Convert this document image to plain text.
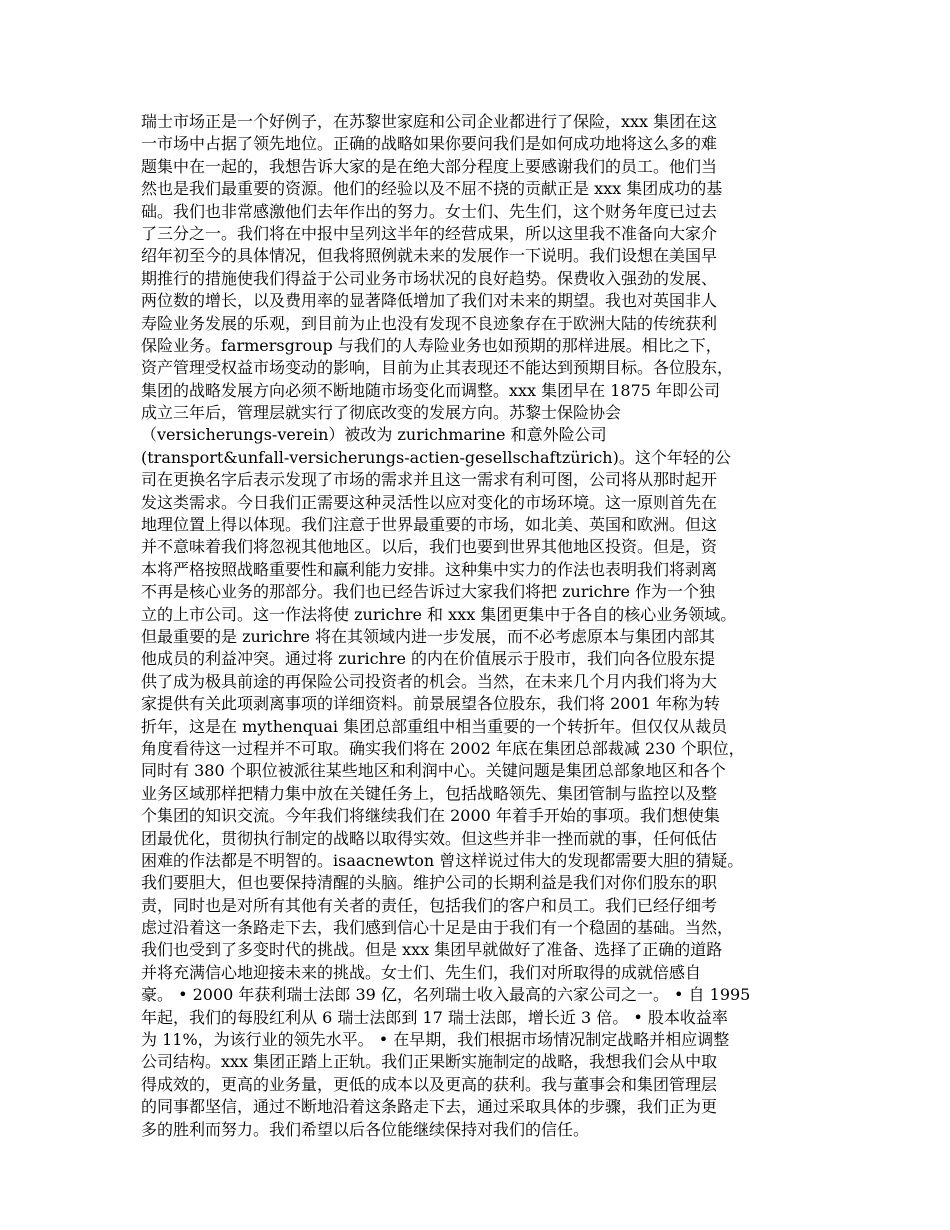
瑞士市场正是一个好例子，在苏黎世家庭和公司企业都进行了保险，xxx 集团在这
一市场中占据了领先地位。正确的战略如果你要问我们是如何成功地将这么多的难
题集中在一起的，我想告诉大家的是在绝大部分程度上要感谢我们的员工。他们当
然也是我们最重要的资源。他们的经验以及不屈不挠的贡献正是 xxx 集团成功的基
础。我们也非常感激他们去年作出的努力。女士们、先生们，这个财务年度已过去
了三分之一。我们将在中报中呈列这半年的经营成果，所以这里我不准备向大家介
绍年初至今的具体情况，但我将照例就未来的发展作一下说明。我们设想在美国早
期推行的措施使我们得益于公司业务市场状况的良好趋势。保费收入强劲的发展、
两位数的增长，以及费用率的显著降低增加了我们对未来的期望。我也对英国非人
寿险业务发展的乐观，到目前为止也没有发现不良迹象存在于欧洲大陆的传统获利
保险业务。farmersgroup 与我们的人寿险业务也如预期的那样进展。相比之下，
资产管理受权益市场变动的影响，目前为止其表现还不能达到预期目标。各位股东，
集团的战略发展方向必须不断地随市场变化而调整。xxx 集团早在 1875 年即公司
成立三年后，管理层就实行了彻底改变的发展方向。苏黎士保险协会
（versicherungs-verein）被改为 zurichmarine 和意外险公司
(transport&unfall-versicherungs-actien-gesellschaftzürich)。这个年轻的公
司在更换名字后表示发现了市场的需求并且这一需求有利可图，公司将从那时起开
发这类需求。今日我们正需要这种灵活性以应对变化的市场环境。这一原则首先在
地理位置上得以体现。我们注意于世界最重要的市场，如北美、英国和欧洲。但这
并不意味着我们将忽视其他地区。以后，我们也要到世界其他地区投资。但是，资
本将严格按照战略重要性和赢利能力安排。这种集中实力的作法也表明我们将剥离
不再是核心业务的那部分。我们也已经告诉过大家我们将把 zurichre 作为一个独
立的上市公司。这一作法将使 zurichre 和 xxx 集团更集中于各自的核心业务领域。
但最重要的是 zurichre 将在其领域内进一步发展，而不必考虑原本与集团内部其
他成员的利益冲突。通过将 zurichre 的内在价值展示于股市，我们向各位股东提
供了成为极具前途的再保险公司投资者的机会。当然，在未来几个月内我们将为大
家提供有关此项剥离事项的详细资料。前景展望各位股东，我们将 2001 年称为转
折年，这是在 mythenquai 集团总部重组中相当重要的一个转折年。但仅仅从裁员
角度看待这一过程并不可取。确实我们将在 2002 年底在集团总部裁减 230 个职位，
同时有 380 个职位被派往某些地区和利润中心。关键问题是集团总部象地区和各个
业务区域那样把精力集中放在关键任务上，包括战略领先、集团管制与监控以及整
个集团的知识交流。今年我们将继续我们在 2000 年着手开始的事项。我们想使集
团最优化，贯彻执行制定的战略以取得实效。但这些并非一挫而就的事，任何低估
困难的作法都是不明智的。isaacnewton 曾这样说过伟大的发现都需要大胆的猜疑。
我们要胆大，但也要保持清醒的头脑。维护公司的长期利益是我们对你们股东的职
责，同时也是对所有其他有关者的责任，包括我们的客户和员工。我们已经仔细考
虑过沿着这一条路走下去，我们感到信心十足是由于我们有一个稳固的基础。当然，
我们也受到了多变时代的挑战。但是 xxx 集团早就做好了准备、选择了正确的道路
并将充满信心地迎接未来的挑战。女士们、先生们，我们对所取得的成就倍感自
豪。 • 2000 年获利瑞士法郎 39 亿，名列瑞士收入最高的六家公司之一。 • 自 1995
年起，我们的每股红利从 6 瑞士法郎到 17 瑞士法郎，增长近 3 倍。 • 股本收益率
为 11%，为该行业的领先水平。 • 在早期，我们根据市场情况制定战略并相应调整
公司结构。xxx 集团正踏上正轨。我们正果断实施制定的战略，我想我们会从中取
得成效的，更高的业务量，更低的成本以及更高的获利。我与董事会和集团管理层
的同事都坚信，通过不断地沿着这条路走下去，通过采取具体的步骤，我们正为更
多的胜利而努力。我们希望以后各位能继续保持对我们的信任。
